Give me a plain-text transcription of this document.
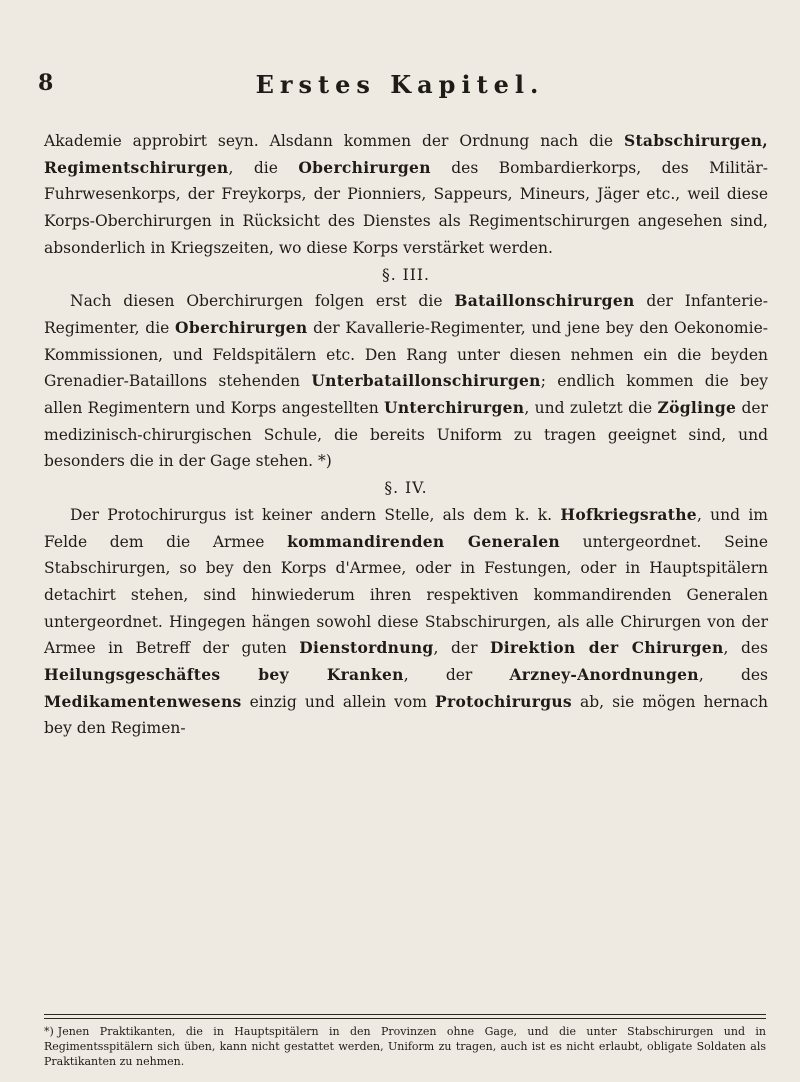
8	Erstes Kapitel.

Akademie approbirt seyn. Alsdann kommen der Ordnung nach die Stabschirurgen, Regimentschirurgen, die Oberchirurgen des Bombardierkorps, des Militär-Fuhrwesenkorps, der Freykorps, der Pionniers, Sappeurs, Mineurs, Jäger etc., weil diese Korps-Oberchirurgen in Rücksicht des Dienstes als Regimentschirurgen angesehen sind, absonderlich in Kriegszeiten, wo diese Korps verstärket werden.

§. III.

Nach diesen Oberchirurgen folgen erst die Bataillonschirurgen der Infanterie-Regimenter, die Oberchirurgen der Kavallerie-Regimenter, und jene bey den Oekonomie-Kommissionen, und Feldspitälern etc. Den Rang unter diesen nehmen ein die beyden Grenadier-Bataillons stehenden Unterbataillonschirurgen; endlich kommen die bey allen Regimentern und Korps angestellten Unterchirurgen, und zuletzt die Zöglinge der medizinisch-chirurgischen Schule, die bereits Uniform zu tragen geeignet sind, und besonders die in der Gage stehen. *)

§. IV.

Der Protochirurgus ist keiner andern Stelle, als dem k. k. Hofkriegsrathe, und im Felde dem die Armee kommandirenden Generalen untergeordnet. Seine Stabschirurgen, so bey den Korps d'Armee, oder in Festungen, oder in Hauptspitälern detachirt stehen, sind hinwiederum ihren respektiven kommandirenden Generalen untergeordnet. Hingegen hängen sowohl diese Stabschirurgen, als alle Chirurgen von der Armee in Betreff der guten Dienstordnung, der Direktion der Chirurgen, des Heilungsgeschäftes bey Kranken, der Arzney-Anordnungen, des Medikamentenwesens einzig und allein vom Protochirurgus ab, sie mögen hernach bey den Regimen-

*) Jenen Praktikanten, die in Hauptspitälern in den Provinzen ohne Gage, und die unter Stabschirurgen und in Regimentsspitälern sich üben, kann nicht gestattet werden, Uniform zu tragen, auch ist es nicht erlaubt, obligate Soldaten als Praktikanten zu nehmen.
